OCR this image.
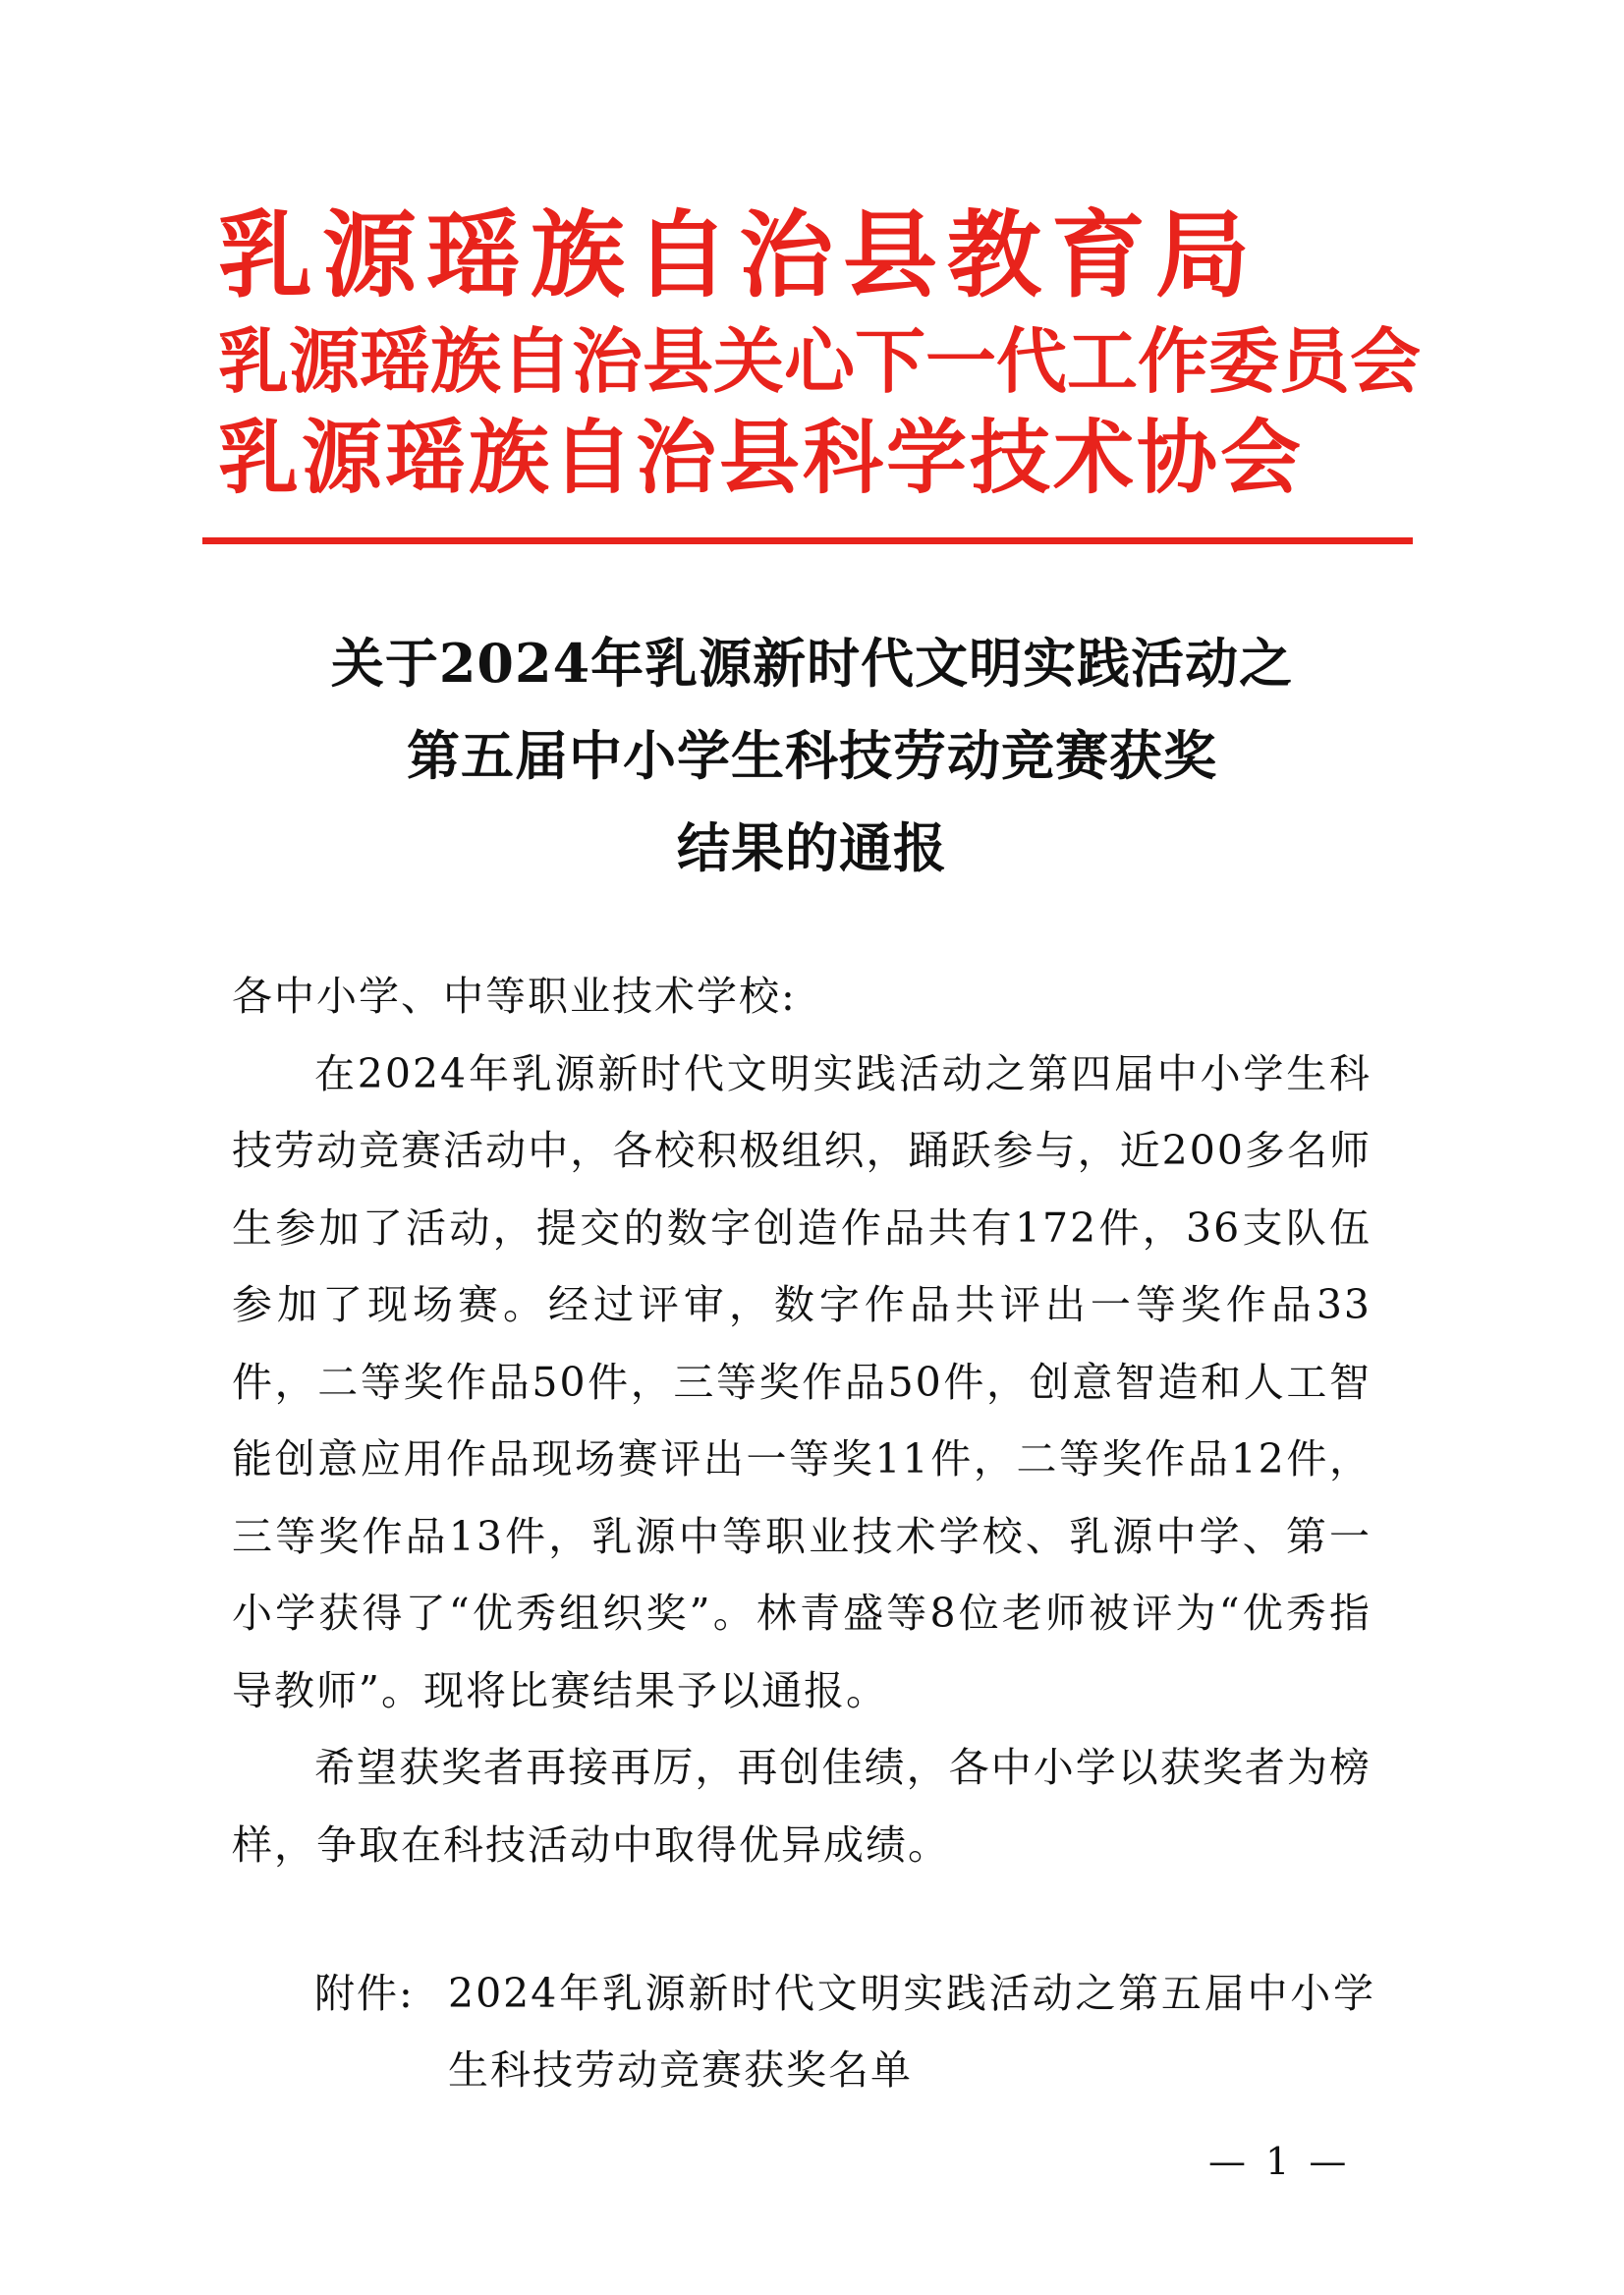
乳源瑶族自治县教育局
乳源瑶族自治县关心下一代工作委员会
乳源瑶族自治县科学技术协会
关于2024年乳源新时代文明实践活动之
第五届中小学生科技劳动竞赛获奖
结果的通报
各中小学、中等职业技术学校:

在2024年乳源新时代文明实践活动之第四届中小学生科技劳动竞赛活动中，各校积极组织，踊跃参与，近200多名师生参加了活动，提交的数字创造作品共有172件，36支队伍参加了现场赛。经过评审，数字作品共评出一等奖作品33件，二等奖作品50件，三等奖作品50件，创意智造和人工智能创意应用作品现场赛评出一等奖11件，二等奖作品12件，三等奖作品13件，乳源中等职业技术学校、乳源中学、第一小学获得了“优秀组织奖”。林青盛等8位老师被评为“优秀指导教师”。现将比赛结果予以通报。

希望获奖者再接再厉，再创佳绩，各中小学以获奖者为榜样，争取在科技活动中取得优异成绩。

附件: 2024年乳源新时代文明实践活动之第五届中小学生科技劳动竞赛获奖名单
— 1 —
